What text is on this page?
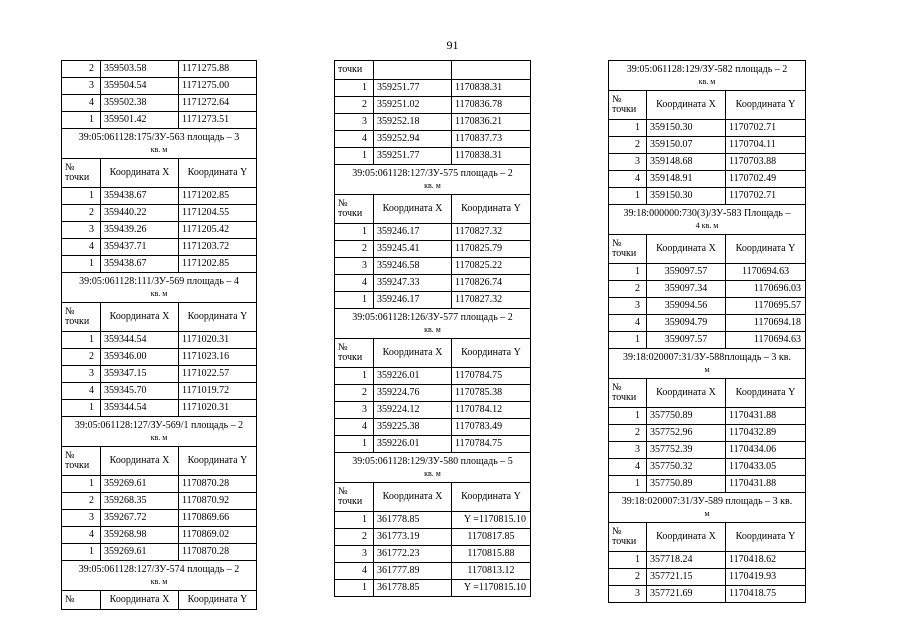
91
2	359503.58	1171275.88
3	359504.54	1171275.00
4	359502.38	1171272.64
1	359501.42	1171273.51
39:05:061128:175/ЗУ-563 площадь – 3
кв. м		
№
точки	Координата X	Координата Y
1	359438.67	1171202.85
2	359440.22	1171204.55
3	359439.26	1171205.42
4	359437.71	1171203.72
1	359438.67	1171202.85
39:05:061128:111/ЗУ-569 площадь – 4
кв. м		
№
точки	Координата X	Координата Y
1	359344.54	1171020.31
2	359346.00	1171023.16
3	359347.15	1171022.57
4	359345.70	1171019.72
1	359344.54	1171020.31
39:05:061128:127/ЗУ-569/1 площадь – 2
кв. м		
№
точки	Координата X	Координата Y
1	359269.61	1170870.28
2	359268.35	1170870.92
3	359267.72	1170869.66
4	359268.98	1170869.02
1	359269.61	1170870.28
39:05:061128:127/ЗУ-574 площадь – 2
кв. м		
№	Координата X	Координата Y
точки		
1	359251.77	1170838.31
2	359251.02	1170836.78
3	359252.18	1170836.21
4	359252.94	1170837.73
1	359251.77	1170838.31
39:05:061128:127/ЗУ-575 площадь – 2
кв. м		
№
точки	Координата X	Координата Y
1	359246.17	1170827.32
2	359245.41	1170825.79
3	359246.58	1170825.22
4	359247.33	1170826.74
1	359246.17	1170827.32
39:05:061128:126/ЗУ-577 площадь – 2
кв. м		
№
точки	Координата X	Координата Y
1	359226.01	1170784.75
2	359224.76	1170785.38
3	359224.12	1170784.12
4	359225.38	1170783.49
1	359226.01	1170784.75
39:05:061128:129/ЗУ-580 площадь – 5
кв. м		
№
точки	Координата X	Координата Y
1	361778.85	Y =1170815.10
2	361773.19	1170817.85
3	361772.23	1170815.88
4	361777.89	1170813.12
1	361778.85	Y =1170815.10
39:05:061128:129/ЗУ-582 площадь – 2
кв. м		
№
точки	Координата X	Координата Y
1	359150.30	1170702.71
2	359150.07	1170704.11
3	359148.68	1170703.88
4	359148.91	1170702.49
1	359150.30	1170702.71
39:18:000000:730(3)/ЗУ-583 Площадь –
4 кв. м		
№
точки	Координата X	Координата Y
1	359097.57	1170694.63
2	359097.34	1170696.03
3	359094.56	1170695.57
4	359094.79	1170694.18
1	359097.57	1170694.63
39:18:020007:31/ЗУ-588площадь – 3 кв.
м		
№
точки	Координата X	Координата Y
1	357750.89	1170431.88
2	357752.96	1170432.89
3	357752.39	1170434.06
4	357750.32	1170433.05
1	357750.89	1170431.88
39:18:020007:31/ЗУ-589 площадь – 3 кв.
м		
№
точки	Координата X	Координата Y
1	357718.24	1170418.62
2	357721.15	1170419.93
3	357721.69	1170418.75
